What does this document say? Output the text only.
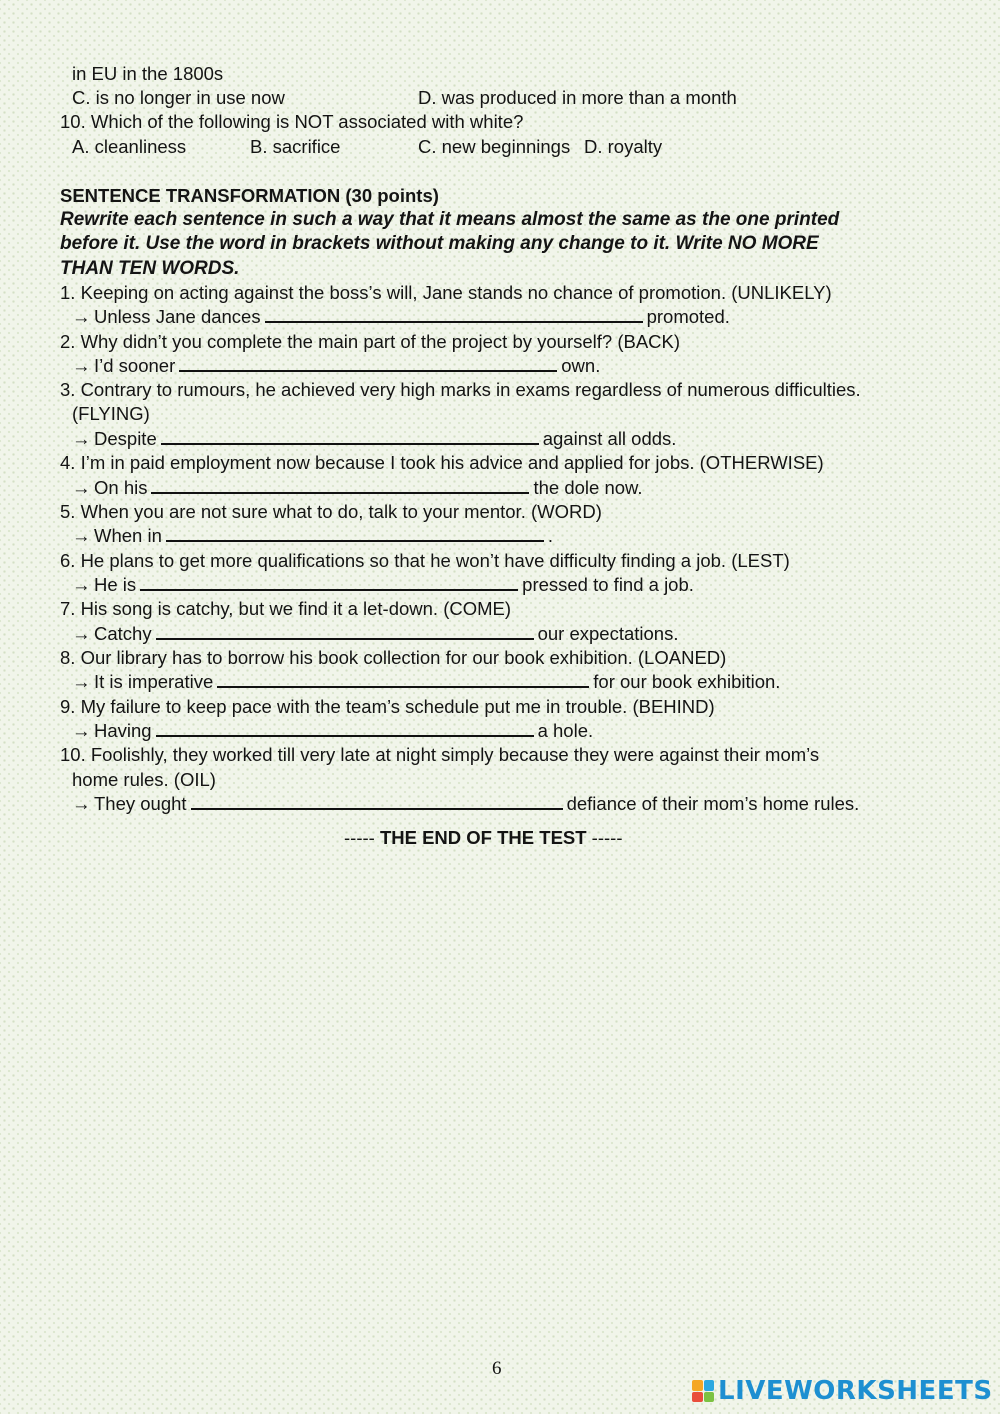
in EU in the 1800s
C. is no longer in use now	D. was produced in more than a month
10. Which of the following is NOT associated with white?
A. cleanliness	B. sacrifice	C. new beginnings D. royalty
SENTENCE TRANSFORMATION (30 points)
Rewrite each sentence in such a way that it means almost the same as the one printed
before it. Use the word in brackets without making any change to it. Write NO MORE
THAN TEN WORDS.
1. Keeping on acting against the boss’s will, Jane stands no chance of promotion. (UNLIKELY)
→ Unless Jane dances	promoted.
2. Why didn’t you complete the main part of the project by yourself? (BACK)
→ I’d sooner	own.
3. Contrary to rumours, he achieved very high marks in exams regardless of numerous difficulties.
(FLYING)
→ Despite	against all odds.
4. I’m in paid employment now because I took his advice and applied for jobs. (OTHERWISE)
→ On his	the dole now.
5. When you are not sure what to do, talk to your mentor. (WORD)
→ When in	.
6. He plans to get more qualifications so that he won’t have difficulty finding a job. (LEST)
→ He is	pressed to find a job.
7. His song is catchy, but we find it a let-down. (COME)
→ Catchy	our expectations.
8. Our library has to borrow his book collection for our book exhibition. (LOANED)
→ It is imperative	for our book exhibition.
9. My failure to keep pace with the team’s schedule put me in trouble. (BEHIND)
→ Having	a hole.
10. Foolishly, they worked till very late at night simply because they were against their mom’s
home rules. (OIL)
→ They ought	defiance of their mom’s home rules.
----- THE END OF THE TEST -----
6
LIVEWORKSHEETS
